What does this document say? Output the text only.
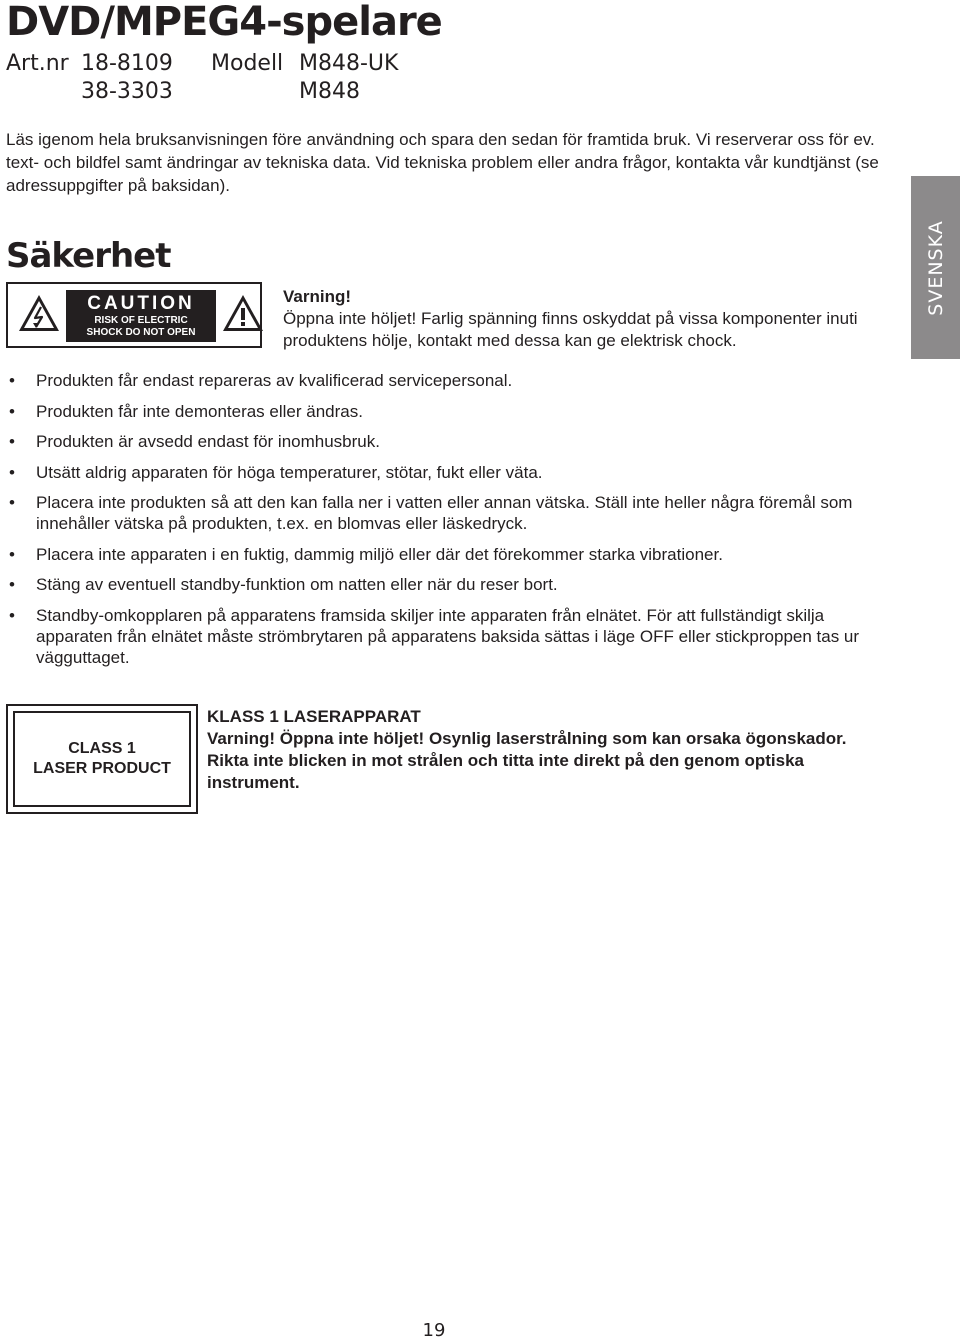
DVD/MPEG4-spelare
Art.nr 18-8109	Modell M848-UK
38-3303	M848

Läs igenom hela bruksanvisningen före användning och spara den sedan för framtida bruk. Vi reserverar oss för ev. text- och bildfel samt ändringar av tekniska data. Vid tekniska problem eller andra frågor, kontakta vår kundtjänst (se adressuppgifter på baksidan).

Säkerhet
CAUTION
RISK OF ELECTRIC
SHOCK DO NOT OPEN
Varning!
Öppna inte höljet! Farlig spänning finns oskyddat på vissa komponenter inuti produktens hölje, kontakt med dessa kan ge elektrisk chock.
• Produkten får endast repareras av kvalificerad servicepersonal.
• Produkten får inte demonteras eller ändras.
• Produkten är avsedd endast för inomhusbruk.
• Utsätt aldrig apparaten för höga temperaturer, stötar, fukt eller väta.
• Placera inte produkten så att den kan falla ner i vatten eller annan vätska. Ställ inte heller några föremål som innehåller vätska på produkten, t.ex. en blomvas eller läskedryck.
• Placera inte apparaten i en fuktig, dammig miljö eller där det förekommer starka vibrationer.
• Stäng av eventuell standby-funktion om natten eller när du reser bort.
• Standby-omkopplaren på apparatens framsida skiljer inte apparaten från elnätet. För att fullständigt skilja apparaten från elnätet måste strömbrytaren på apparatens baksida sättas i läge OFF eller stickproppen tas ur vägguttaget.
CLASS 1
LASER PRODUCT
KLASS 1 LASERAPPARAT
Varning! Öppna inte höljet! Osynlig laserstrålning som kan orsaka ögonskador. Rikta inte blicken in mot strålen och titta inte direkt på den genom optiska instrument.
SVENSKA
19
